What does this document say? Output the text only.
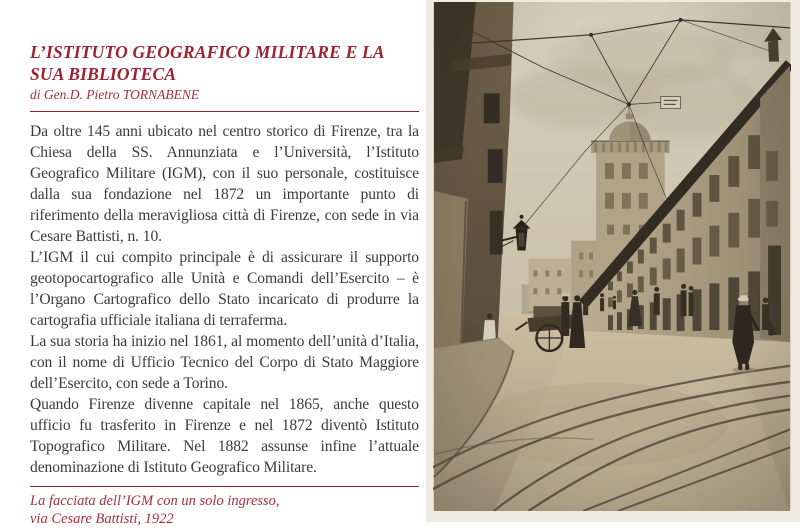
L’ISTITUTO GEOGRAFICO MILITARE E LA SUA BIBLIOTECA
di Gen.D. Pietro TORNABENE

Da oltre 145 anni ubicato nel centro storico di Firenze, tra la Chiesa della SS. Annunziata e l’Università, l’Istituto Geografico Militare (IGM), con il suo personale, costituisce dalla sua fondazione nel 1872 un importante punto di riferimento della meravigliosa città di Firenze, con sede in via Cesare Battisti, n. 10.

L’IGM il cui compito principale è di assicurare il supporto geotopocartografico alle Unità e Comandi dell’Esercito – è l’Organo Cartografico dello Stato incaricato di produrre la cartografia ufficiale italiana di terraferma.

La sua storia ha inizio nel 1861, al momento dell’unità d’Italia, con il nome di Ufficio Tecnico del Corpo di Stato Maggiore dell’Esercito, con sede a Torino.

Quando Firenze divenne capitale nel 1865, anche questo ufficio fu trasferito in Firenze e nel 1872 diventò Istituto Topografico Militare. Nel 1882 assunse infine l’attuale denominazione di Istituto Geografico Militare.

La facciata dell’IGM con un solo ingresso,
via Cesare Battisti, 1922
